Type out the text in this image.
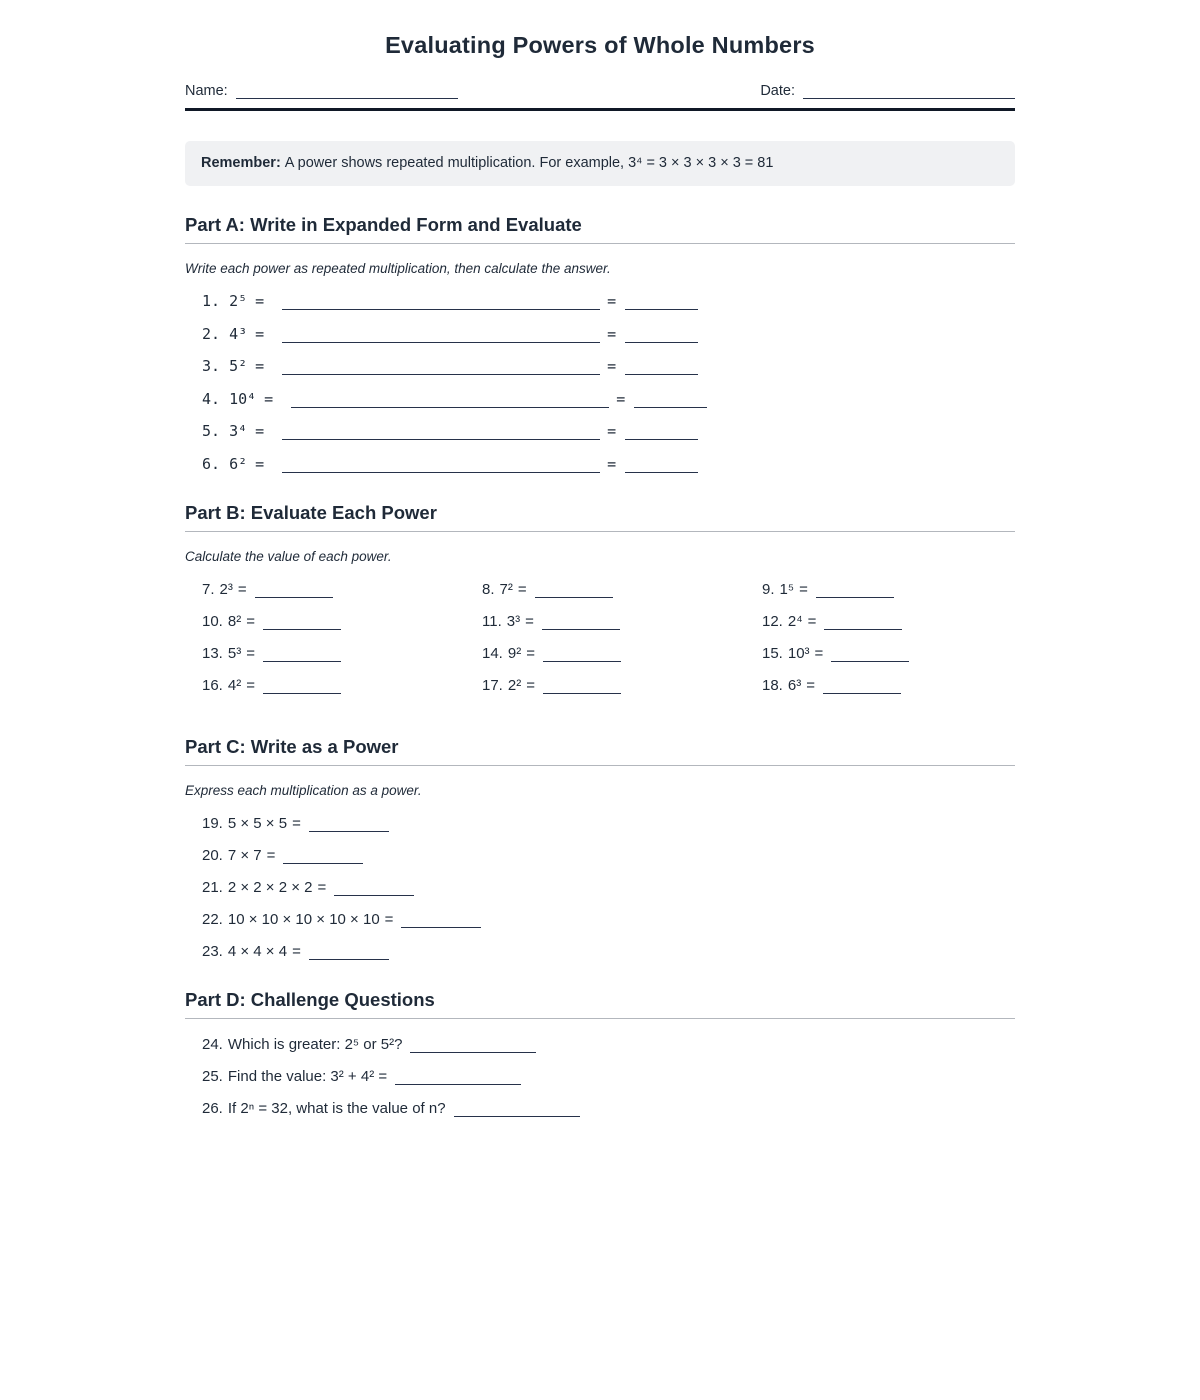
Evaluating Powers of Whole Numbers
Name:	Date:
Remember: A power shows repeated multiplication. For example, 3⁴ = 3 × 3 × 3 × 3 = 81
Part A: Write in Expanded Form and Evaluate
Write each power as repeated multiplication, then calculate the answer.
1. 2⁵ =	=
2. 4³ =	=
3. 5² =	=
4. 10⁴ =	=
5. 3⁴ =	=
6. 6² =	=
Part B: Evaluate Each Power
Calculate the value of each power.
7. 2³ =	8. 7² =	9. 1⁵ =
10. 8² =	11. 3³ =	12. 2⁴ =
13. 5³ =	14. 9² =	15. 10³ =
16. 4² =	17. 2² =	18. 6³ =
Part C: Write as a Power
Express each multiplication as a power.
19. 5 × 5 × 5 =
20. 7 × 7 =
21. 2 × 2 × 2 × 2 =
22. 10 × 10 × 10 × 10 × 10 =
23. 4 × 4 × 4 =
Part D: Challenge Questions
24. Which is greater: 2⁵ or 5²?
25. Find the value: 3² + 4² =
26. If 2ⁿ = 32, what is the value of n?
